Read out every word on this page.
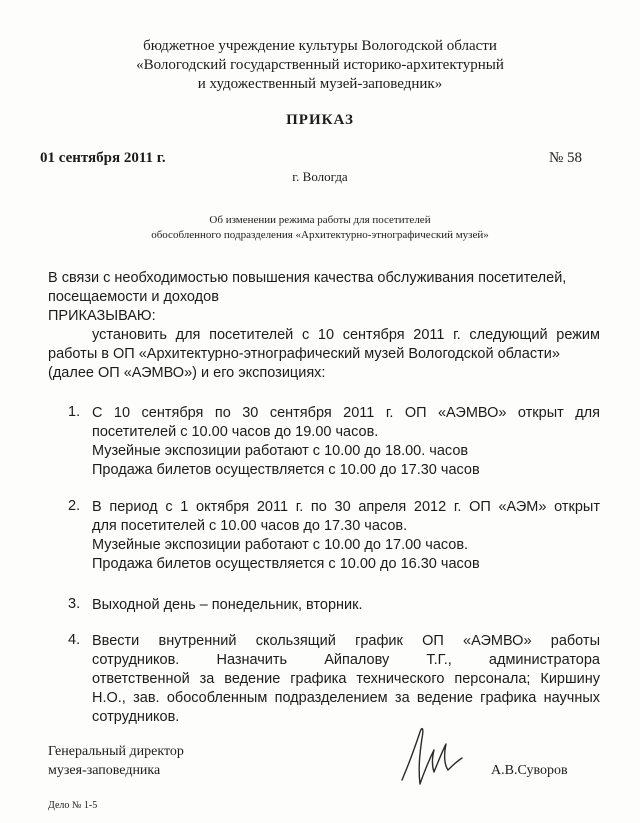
бюджетное учреждение культуры Вологодской области
«Вологодский государственный историко-архитектурный
и художественный музей-заповедник»
ПРИКАЗ
01 сентября 2011 г.	№ 58
г. Вологда
Об изменении режима работы для посетителей
обособленного подразделения «Архитектурно-этнографический музей»
В связи с необходимостью повышения качества обслуживания посетителей,
посещаемости и доходов
ПРИКАЗЫВАЮ:
установить для посетителей с 10 сентября 2011 г. следующий режим
работы в ОП «Архитектурно-этнографический музей Вологодской области»
(далее ОП «АЭМВО») и его экспозициях:
1. С 10 сентября по 30 сентября 2011 г. ОП «АЭМВО» открыт для
посетителей с 10.00 часов до 19.00 часов.
Музейные экспозиции работают с 10.00 до 18.00. часов
Продажа билетов осуществляется с 10.00 до 17.30 часов
2. В период с 1 октября 2011 г. по 30 апреля 2012 г. ОП «АЭМ» открыт
для посетителей с 10.00 часов до 17.30 часов.
Музейные экспозиции работают с 10.00 до 17.00 часов.
Продажа билетов осуществляется с 10.00 до 16.30 часов
3. Выходной день – понедельник, вторник.
4. Ввести внутренний скользящий график ОП «АЭМВО» работы
сотрудников. Назначить Айпалову Т.Г., администратора
ответственной за ведение графика технического персонала; Киршину
Н.О., зав. обособленным подразделением за ведение графика научных
сотрудников.
Генеральный директор
музея-заповедника	А.В.Суворов
Дело № 1-5
